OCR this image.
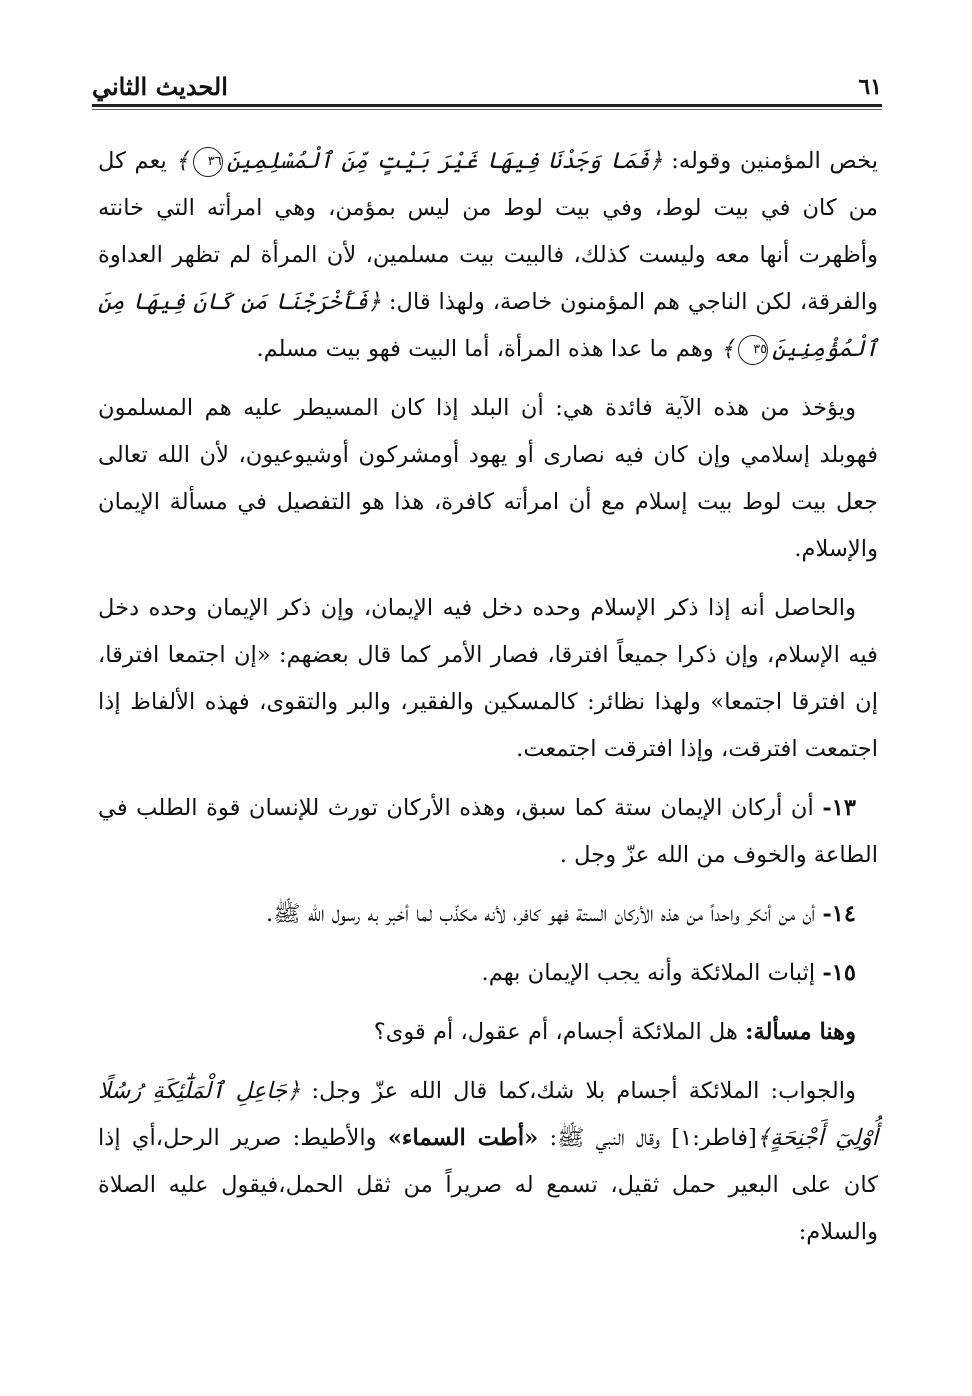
الحديث الثاني	٦١

يخص المؤمنين وقوله: ﴿فَمَا وَجَدْنَا فِيهَا غَيْرَ بَيْتٍ مِّنَ ٱلْمُسْلِمِينَ٣٦﴾ يعم كل من كان في بيت لوط، وفي بيت لوط من ليس بمؤمن، وهي امرأته التي خانته وأظهرت أنها معه وليست كذلك، فالبيت بيت مسلمين، لأن المرأة لم تظهر العداوة والفرقة، لكن الناجي هم المؤمنون خاصة، ولهذا قال: ﴿فَأَخْرَجْنَا مَن كَانَ فِيهَا مِنَ ٱلْمُؤْمِنِينَ٣٥﴾ وهم ما عدا هذه المرأة، أما البيت فهو بيت مسلم.

ويؤخذ من هذه الآية فائدة هي: أن البلد إذا كان المسيطر عليه هم المسلمون فهوبلد إسلامي وإن كان فيه نصارى أو يهود أومشركون أوشيوعيون، لأن الله تعالى جعل بيت لوط بيت إسلام مع أن امرأته كافرة، هذا هو التفصيل في مسألة الإيمان والإسلام.

والحاصل أنه إذا ذكر الإسلام وحده دخل فيه الإيمان، وإن ذكر الإيمان وحده دخل فيه الإسلام، وإن ذكرا جميعاً افترقا، فصار الأمر كما قال بعضهم: «إن اجتمعا افترقا، إن افترقا اجتمعا» ولهذا نظائر: كالمسكين والفقير، والبر والتقوى، فهذه الألفاظ إذا اجتمعت افترقت، وإذا افترقت اجتمعت.

١٣- أن أركان الإيمان ستة كما سبق، وهذه الأركان تورث للإنسان قوة الطلب في الطاعة والخوف من الله عزّ وجل .

١٤- أن من أنكر واحداً من هذه الأركان الستة فهو كافر، لأنه مكذّب لما أخبر به رسول الله ﷺ.

١٥- إثبات الملائكة وأنه يجب الإيمان بهم.

وهنا مسألة: هل الملائكة أجسام، أم عقول، أم قوى؟

والجواب: الملائكة أجسام بلا شك،كما قال الله عزّ وجل: ﴿جَاعِلِ ٱلْمَلَٰٓئِكَةِ رُسُلًا أُوْلِيٓ أَجْنِحَةٍ﴾[فاطر:١] وقال النبي ﷺ: «أطت السماء» والأطيط: صرير الرحل،أي إذا كان على البعير حمل ثقيل، تسمع له صريراً من ثقل الحمل،فيقول عليه الصلاة والسلام:
